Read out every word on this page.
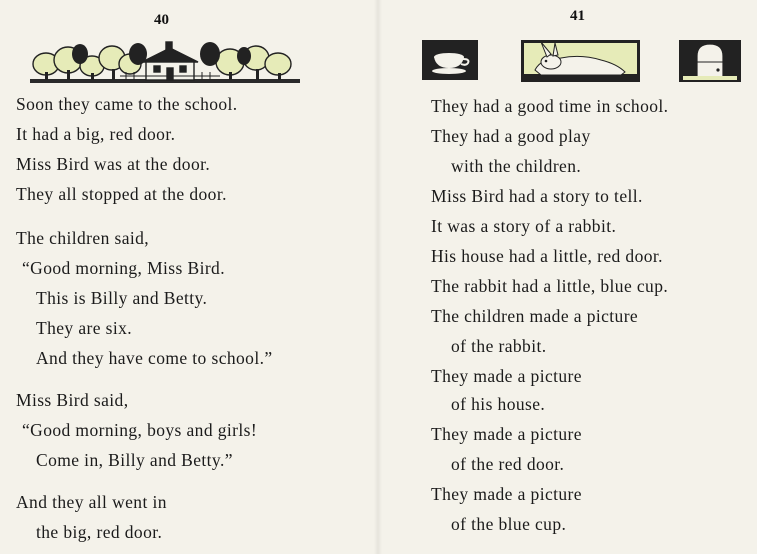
40
Soon they came to the school.
It had a big, red door.
Miss Bird was at the door.
They all stopped at the door.
The children said,
“Good morning, Miss Bird.
This is Billy and Betty.
They are six.
And they have come to school.”
Miss Bird said,
“Good morning, boys and girls!
Come in, Billy and Betty.”
And they all went in
the big, red door.
41
They had a good time in school.
They had a good play
with the children.
Miss Bird had a story to tell.
It was a story of a rabbit.
His house had a little, red door.
The rabbit had a little, blue cup.
The children made a picture
of the rabbit.
They made a picture
of his house.
They made a picture
of the red door.
They made a picture
of the blue cup.
